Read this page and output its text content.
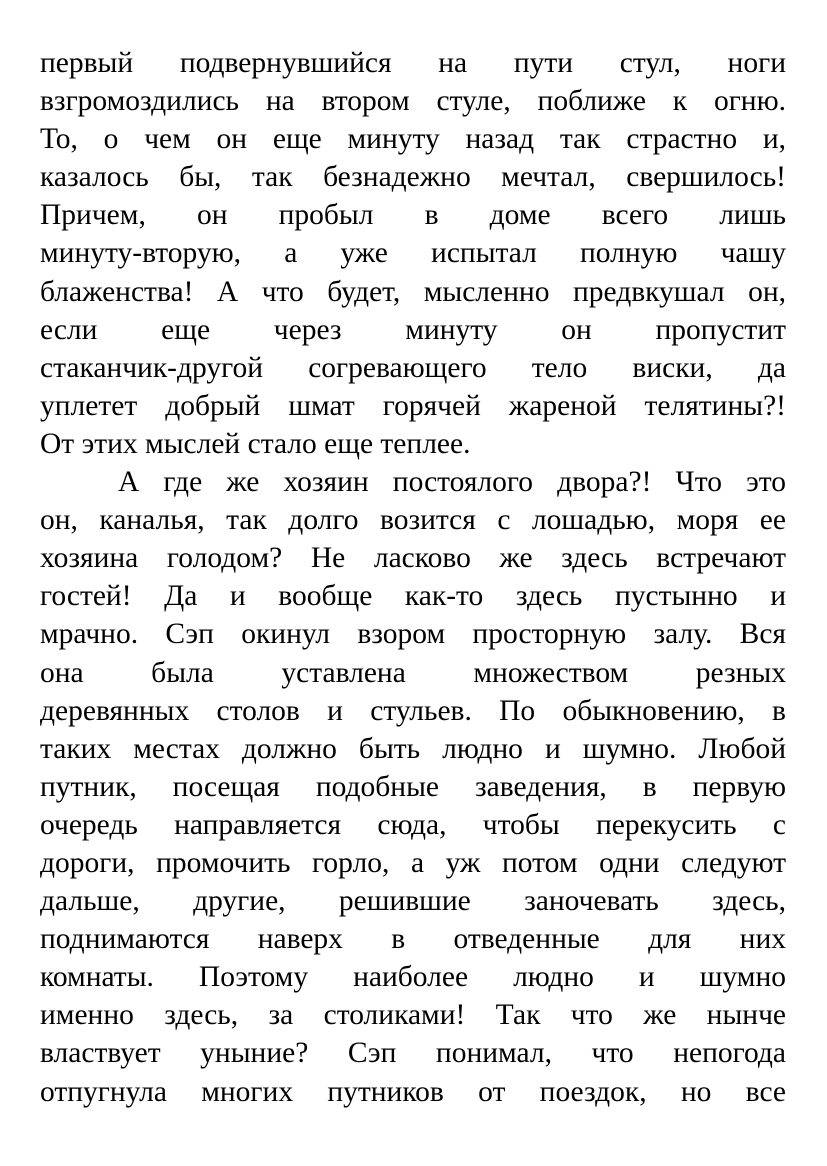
первый подвернувшийся на пути стул, ноги
взгромоздились на втором стуле, поближе к огню.
То, о чем он еще минуту назад так страстно и,
казалось бы, так безнадежно мечтал, свершилось!
Причем, он пробыл в доме всего лишь
минуту-вторую, а уже испытал полную чашу
блаженства! А что будет, мысленно предвкушал он,
если еще через минуту он пропустит
стаканчик-другой согревающего тело виски, да
уплетет добрый шмат горячей жареной телятины?!
От этих мыслей стало еще теплее.
А где же хозяин постоялого двора?! Что это
он, каналья, так долго возится с лошадью, моря ее
хозяина голодом? Не ласково же здесь встречают
гостей! Да и вообще как-то здесь пустынно и
мрачно. Сэп окинул взором просторную залу. Вся
она была уставлена множеством резных
деревянных столов и стульев. По обыкновению, в
таких местах должно быть людно и шумно. Любой
путник, посещая подобные заведения, в первую
очередь направляется сюда, чтобы перекусить с
дороги, промочить горло, а уж потом одни следуют
дальше, другие, решившие заночевать здесь,
поднимаются наверх в отведенные для них
комнаты. Поэтому наиболее людно и шумно
именно здесь, за столиками! Так что же нынче
властвует уныние? Сэп понимал, что непогода
отпугнула многих путников от поездок, но все
